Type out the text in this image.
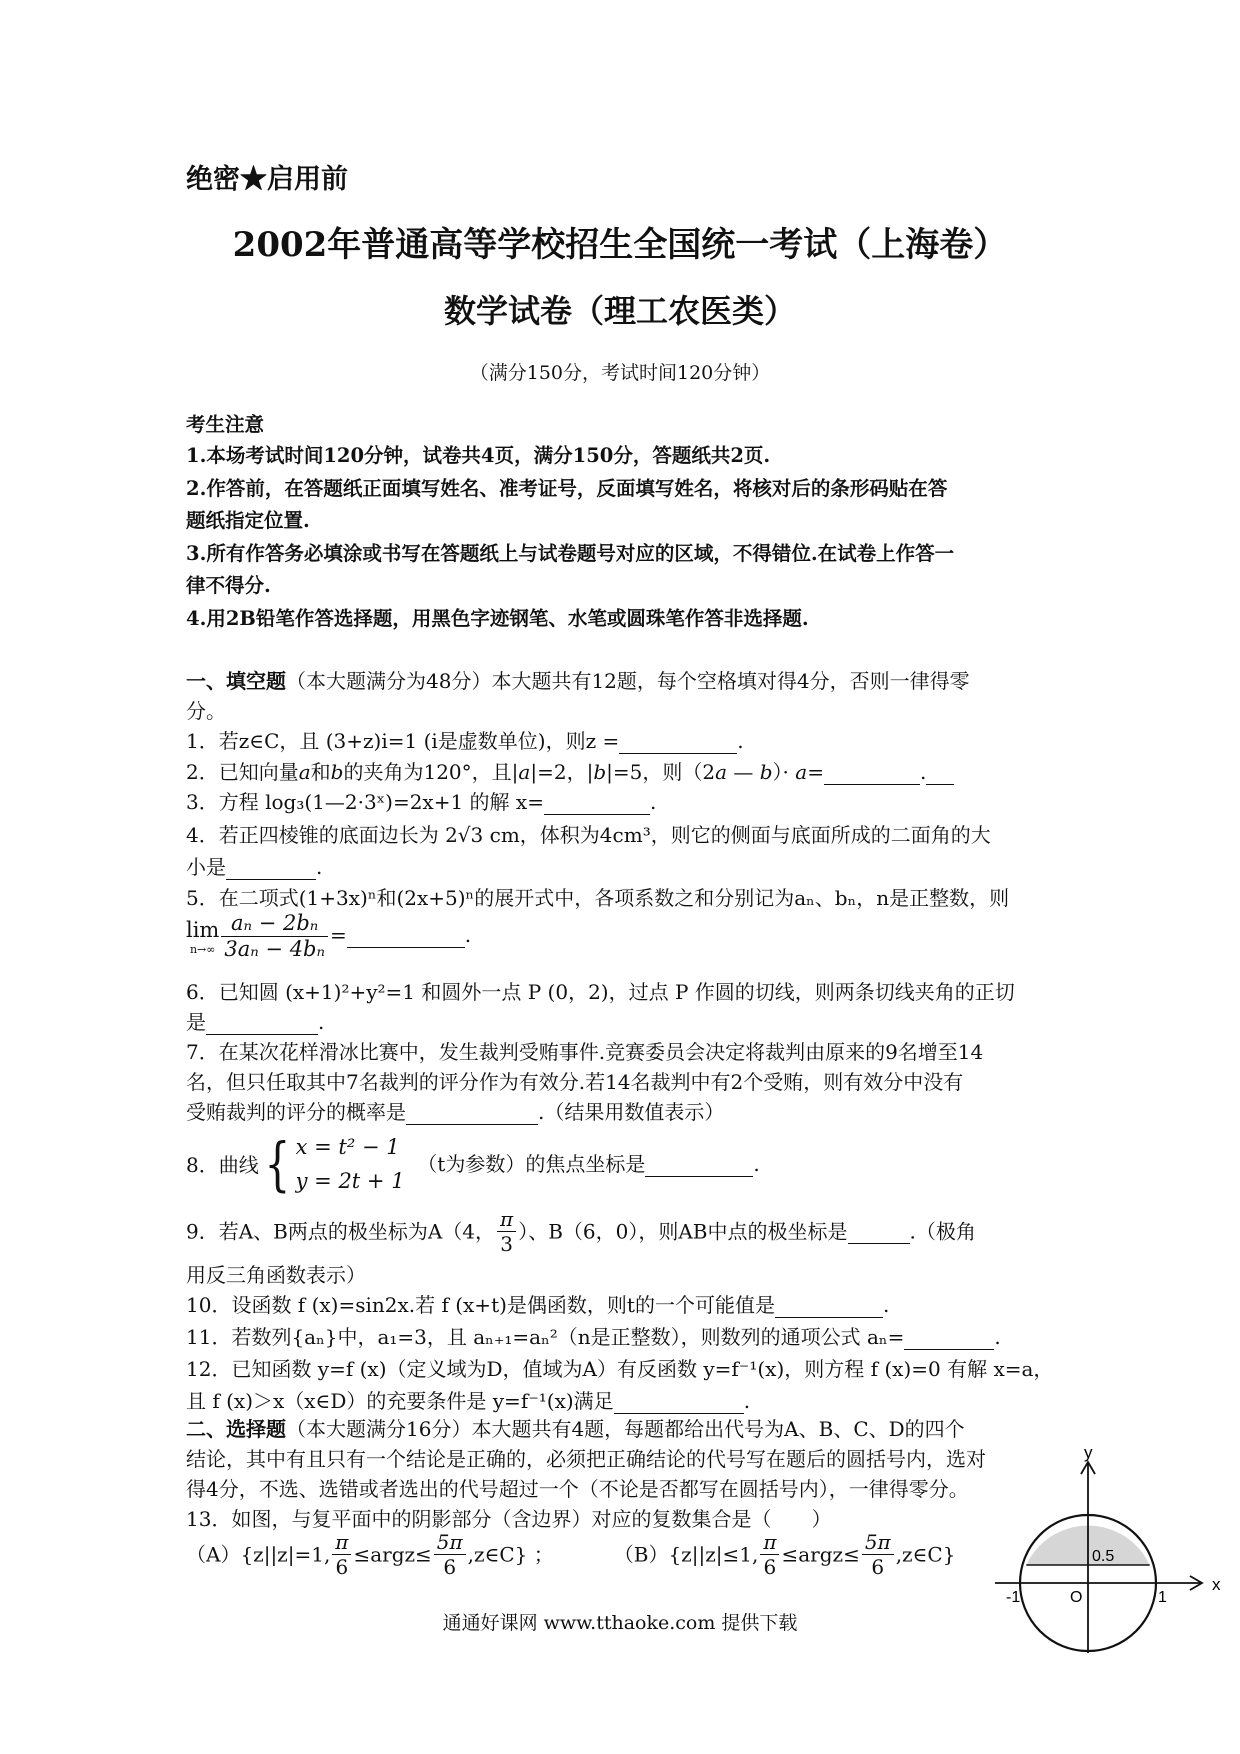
绝密★启用前
2002年普通高等学校招生全国统一考试（上海卷）
数学试卷（理工农医类）
（满分150分，考试时间120分钟）
考生注意
1.本场考试时间120分钟，试卷共4页，满分150分，答题纸共2页.
2.作答前，在答题纸正面填写姓名、准考证号，反面填写姓名，将核对后的条形码贴在答
题纸指定位置.
3.所有作答务必填涂或书写在答题纸上与试卷题号对应的区域，不得错位.在试卷上作答一
律不得分.
4.用2B铅笔作答选择题，用黑色字迹钢笔、水笔或圆珠笔作答非选择题.
一、填空题（本大题满分为48分）本大题共有12题，每个空格填对得4分，否则一律得零
分。
1．若z∈C，且 (3+z)i=1 (i是虚数单位)，则z =	.
2．已知向量a和b的夹角为120°，且|a|=2，|b|=5，则（2a — b）· a=	.
3．方程 log₃(1—2·3ˣ)=2x+1 的解 x=	.
4．若正四棱锥的底面边长为 2√3 cm，体积为4cm³，则它的侧面与底面所成的二面角的大
小是	.
5．在二项式(1+3x)ⁿ和(2x+5)ⁿ的展开式中，各项系数之和分别记为aₙ、bₙ，n是正整数，则
lim
$n\to\infty \frac{\text{aₙ − 2bₙ}}{\text{3aₙ − 4bₙ}}$ =	.
6．已知圆 (x+1)²+y²=1 和圆外一点 P (0，2)，过点 P 作圆的切线，则两条切线夹角的正切
是	.
7．在某次花样滑冰比赛中，发生裁判受贿事件.竞赛委员会决定将裁判由原来的9名增至14
名，但只任取其中7名裁判的评分作为有效分.若14名裁判中有2个受贿，则有效分中没有
受贿裁判的评分的概率是	.（结果用数值表示）
8．曲线{ x = t² − 1
y = 2t + 1
（t为参数）的焦点坐标是	.
9．若A、B两点的极坐标为A（4， $\frac{\pi}{3}$ ）、B（6，0），则AB中点的极坐标是	.（极角
用反三角函数表示）
10．设函数 f (x)=sin2x.若 f (x+t)是偶函数，则t的一个可能值是	.
11．若数列{aₙ}中，a₁=3，且 aₙ₊₁=aₙ²（n是正整数），则数列的通项公式 aₙ=	.
12．已知函数 y=f (x)（定义域为D，值域为A）有反函数 y=f⁻¹(x)，则方程 f (x)=0 有解 x=a，
且 f (x)＞x（x∈D）的充要条件是 y=f⁻¹(x)满足	.
二、选择题（本大题满分16分）本大题共有4题，每题都给出代号为A、B、C、D的四个
结论，其中有且只有一个结论是正确的，必须把正确结论的代号写在题后的圆括号内，选对
得4分，不选、选错或者选出的代号超过一个（不论是否都写在圆括号内），一律得零分。
13．如图，与复平面中的阴影部分（含边界）对应的复数集合是（　　）
（A）{z||z|=1, $\frac{\pi}{6}$ ≤argz≤ $\frac{5\pi}{6}$ ,z∈C} ；	（B）{z||z|≤1, $\frac{\pi}{6}$ ≤argz≤ $\frac{5\pi}{6}$ ,z∈C}
y
x
0.5
-1	O	1
通通好课网 www.tthaoke.com 提供下载
